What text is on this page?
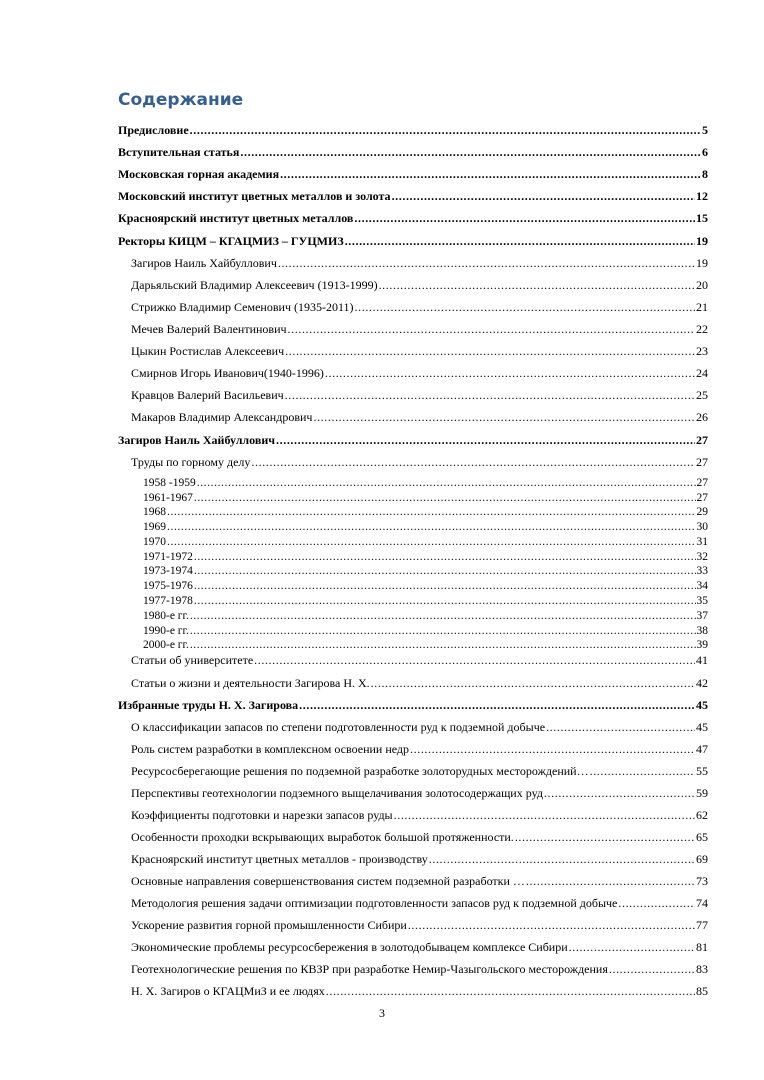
Содержание
Предисловие .....	5
Вступительная статья .....	6
Московская горная академия .....	8
Московский институт цветных металлов и золота .....	12
Красноярский институт цветных металлов .....	15
Ректоры КИЦМ – КГАЦМИЗ – ГУЦМИЗ .....	19
Загиров Наиль Хайбуллович .....	19
Дарьяльский Владимир Алексеевич (1913-1999) .....	20
Стрижко Владимир Семенович (1935-2011) .....	21
Мечев Валерий Валентинович .....	22
Цыкин Ростислав Алексеевич .....	23
Смирнов Игорь Иванович(1940-1996) .....	24
Кравцов Валерий Васильевич .....	25
Макаров Владимир Александрович .....	26
Загиров Наиль Хайбуллович .....	27
Труды по горному делу .....	27
1958 -1959 .....	27
1961-1967 .....	27
1968 .....	29
1969 .....	30
1970 .....	31
1971-1972 .....	32
1973-1974 .....	33
1975-1976 .....	34
1977-1978 .....	35
1980-е гг. .....	37
1990-е гг. .....	38
2000-е гг. .....	39
Статьи об университете .....	41
Статьи о жизни и деятельности Загирова Н. Х. .....	42
Избранные труды Н. Х. Загирова .....	45
О классификации запасов по степени подготовленности руд к подземной добыче .....	45
Роль систем разработки в комплексном освоении недр .....	47
Ресурсосберегающие решения по подземной разработке золоторудных месторождений… .....	55
Перспективы геотехнологии подземного выщелачивания золотосодержащих руд .....	59
Коэффициенты подготовки и нарезки запасов руды .....	62
Особенности проходки вскрывающих выработок большой протяженности. .....	65
Красноярский институт цветных металлов - производству .....	69
Основные направления совершенствования систем подземной разработки … .....	73
Методология решения задачи оптимизации подготовленности запасов руд к подземной добыче .....	74
Ускорение развития горной промышленности Сибири .....	77
Экономические проблемы ресурсосбережения в золотодобывацем комплексе Сибири .....	81
Геотехнологические решения по КВЗР при разработке Немир-Чазыгольского месторождения .....	83
Н. Х. Загиров о КГАЦМиЗ и ее людях .....	85
3
